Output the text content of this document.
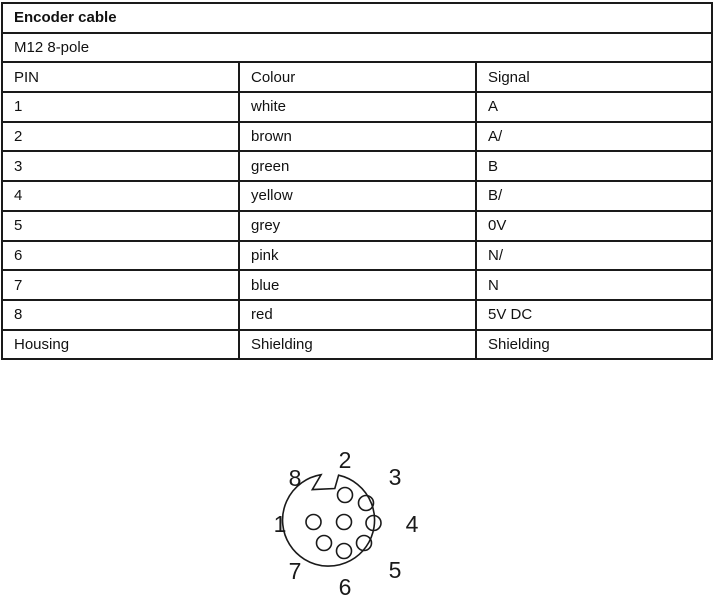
Encoder cable		
M12 8-pole		
PIN	Colour	Signal
1	white	A
2	brown	A/
3	green	B
4	yellow	B/
5	grey	0V
6	pink	N/
7	blue	N
8	red	5V DC
Housing	Shielding	Shielding
1
2
3
4
5
6
7
8
